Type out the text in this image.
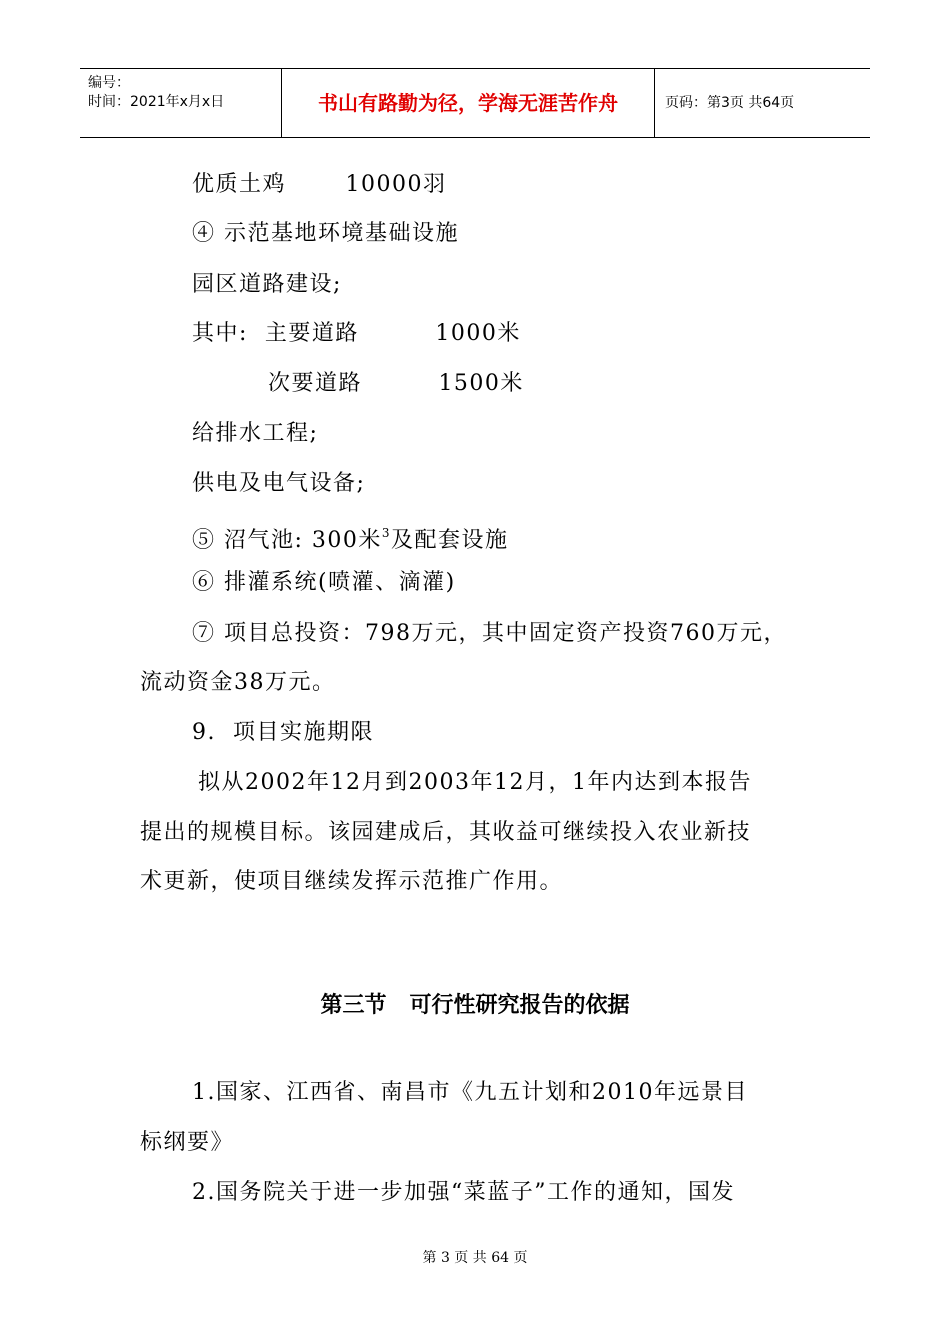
编号：
时间：2021年x月x日	书山有路勤为径，学海无涯苦作舟	页码：第3页 共64页
优质土鸡       10000羽
④ 示范基地环境基础设施
园区道路建设;
其中:  主要道路         1000米
次要道路         1500米
给排水工程;
供电及电气设备;
⑤ 沼气池: 300米$^3$及配套设施
⑥ 排灌系统(喷灌、滴灌)
⑦ 项目总投资：798万元，其中固定资产投资760万元，
流动资金38万元。
9.  项目实施期限
拟从2002年12月到2003年12月，1年内达到本报告
提出的规模目标。该园建成后，其收益可继续投入农业新技
术更新，使项目继续发挥示范推广作用。
第三节   可行性研究报告的依据
1.国家、江西省、南昌市《九五计划和2010年远景目
标纲要》
2.国务院关于进一步加强“菜蓝子”工作的通知，国发
第 3 页 共 64 页
